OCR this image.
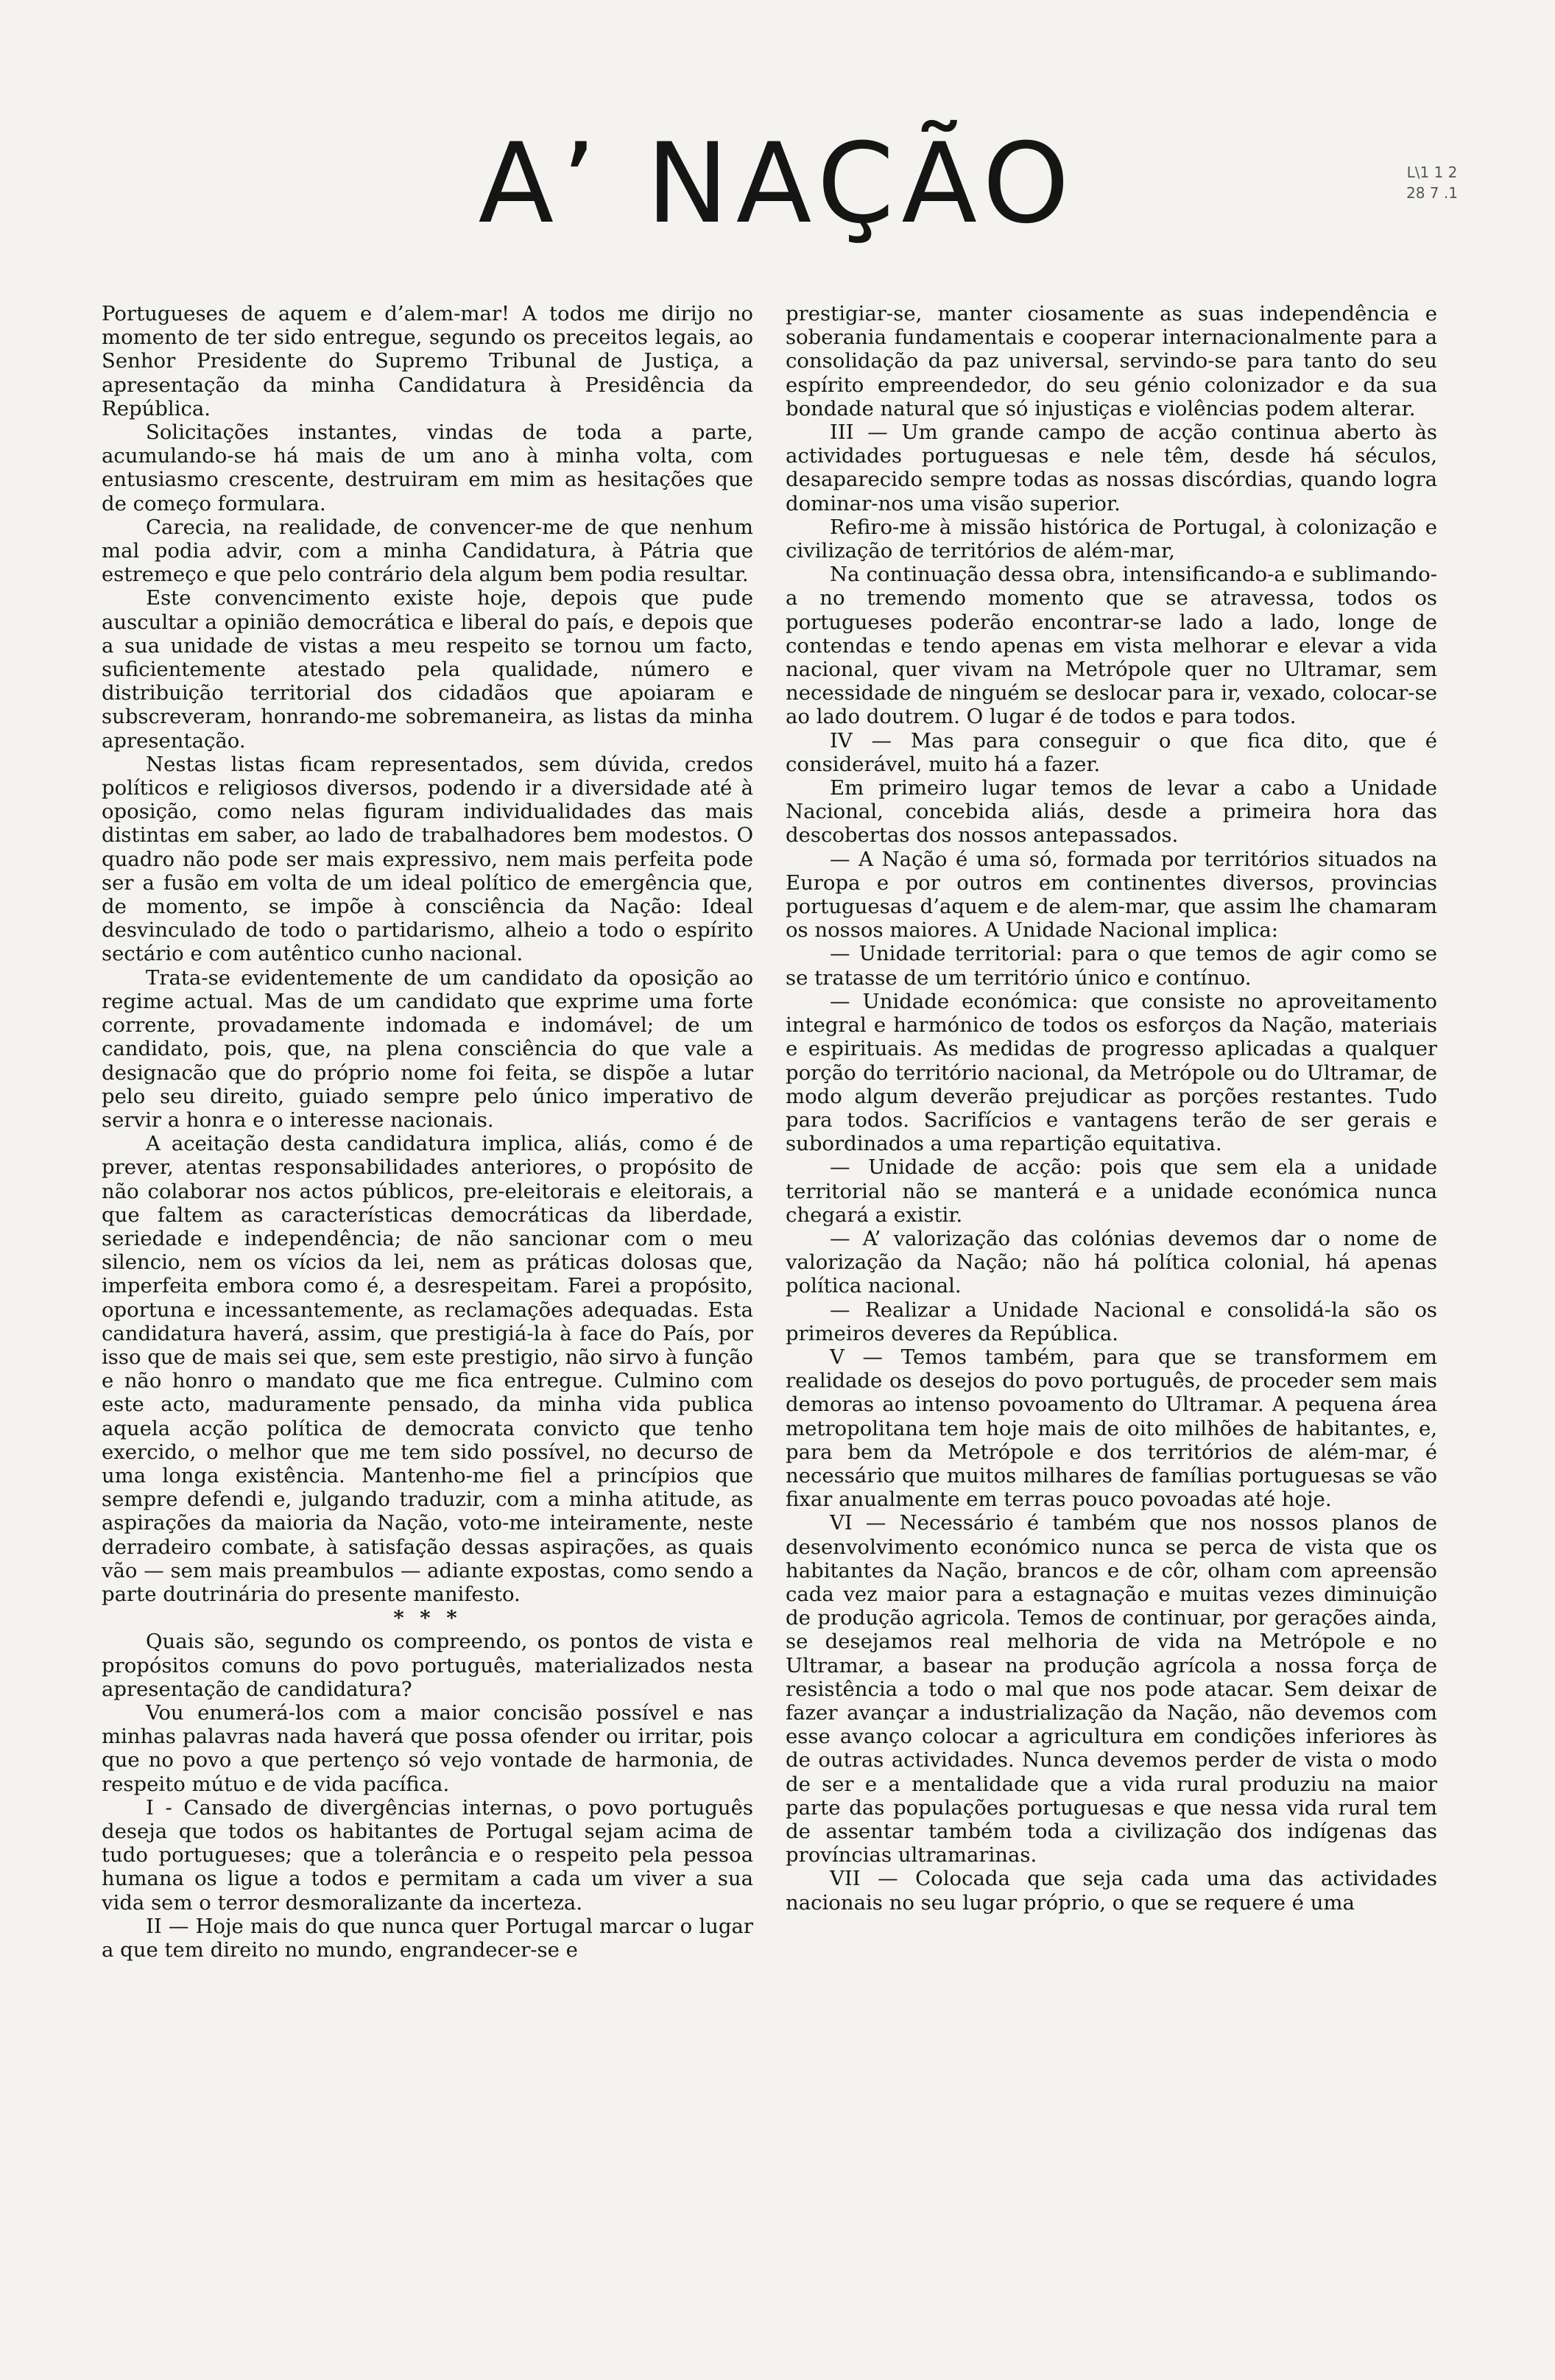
L\1 1 2 28 7 .1
A’ NAÇÃO

Portugueses de aquem e d’alem-mar! A todos me dirijo no momento de ter sido entregue, segundo os preceitos legais, ao Senhor Presidente do Supremo Tribunal de Justiça, a apresentação da minha Candidatura à Presidência da República.

Solicitações instantes, vindas de toda a parte, acumulando-se há mais de um ano à minha volta, com entusiasmo crescente, destruiram em mim as hesitações que de começo formulara.

Carecia, na realidade, de convencer-me de que nenhum mal podia advir, com a minha Candidatura, à Pátria que estremeço e que pelo contrário dela algum bem podia resultar.

Este convencimento existe hoje, depois que pude auscultar a opinião democrática e liberal do país, e depois que a sua unidade de vistas a meu respeito se tornou um facto, suficientemente atestado pela qualidade, número e distribuição territorial dos cidadãos que apoiaram e subscreveram, honrando-me sobremaneira, as listas da minha apresentação.

Nestas listas ficam representados, sem dúvida, credos políticos e religiosos diversos, podendo ir a diversidade até à oposição, como nelas figuram individualidades das mais distintas em saber, ao lado de trabalhadores bem modestos. O quadro não pode ser mais expressivo, nem mais perfeita pode ser a fusão em volta de um ideal político de emergência que, de momento, se impõe à consciência da Nação: Ideal desvinculado de todo o partidarismo, alheio a todo o espírito sectário e com autêntico cunho nacional.

Trata-se evidentemente de um candidato da oposição ao regime actual. Mas de um candidato que exprime uma forte corrente, provadamente indomada e indomável; de um candidato, pois, que, na plena consciência do que vale a designacão que do próprio nome foi feita, se dispõe a lutar pelo seu direito, guiado sempre pelo único imperativo de servir a honra e o interesse nacionais.

A aceitação desta candidatura implica, aliás, como é de prever, atentas responsabilidades anteriores, o propósito de não colaborar nos actos públicos, pre-eleitorais e eleitorais, a que faltem as características democráticas da liberdade, seriedade e independência; de não sancionar com o meu silencio, nem os vícios da lei, nem as práticas dolosas que, imperfeita embora como é, a desrespeitam. Farei a propósito, oportuna e incessantemente, as reclamações adequadas. Esta candidatura haverá, assim, que prestigiá-la à face do País, por isso que de mais sei que, sem este prestigio, não sirvo à função e não honro o mandato que me fica entregue. Culmino com este acto, maduramente pensado, da minha vida publica aquela acção política de democrata convicto que tenho exercido, o melhor que me tem sido possível, no decurso de uma longa existência. Mantenho-me fiel a princípios que sempre defendi e, julgando traduzir, com a minha atitude, as aspirações da maioria da Nação, voto-me inteiramente, neste derradeiro combate, à satisfação dessas aspirações, as quais vão — sem mais preambulos — adiante expostas, como sendo a parte doutrinária do presente manifesto.

* * *

Quais são, segundo os compreendo, os pontos de vista e propósitos comuns do povo português, materializados nesta apresentação de candidatura?

Vou enumerá-los com a maior concisão possível e nas minhas palavras nada haverá que possa ofender ou irritar, pois que no povo a que pertenço só vejo vontade de harmonia, de respeito mútuo e de vida pacífica.

I - Cansado de divergências internas, o povo português deseja que todos os habitantes de Portugal sejam acima de tudo portugueses; que a tolerância e o respeito pela pessoa humana os ligue a todos e permitam a cada um viver a sua vida sem o terror desmoralizante da incerteza.

II — Hoje mais do que nunca quer Portugal marcar o lugar a que tem direito no mundo, engrandecer-se e

prestigiar-se, manter ciosamente as suas independência e soberania fundamentais e cooperar internacionalmente para a consolidação da paz universal, servindo-se para tanto do seu espírito empreendedor, do seu génio colonizador e da sua bondade natural que só injustiças e violências podem alterar.

III — Um grande campo de acção continua aberto às actividades portuguesas e nele têm, desde há séculos, desaparecido sempre todas as nossas discórdias, quando logra dominar-nos uma visão superior.

Refiro-me à missão histórica de Portugal, à colonização e civilização de territórios de além-mar,

Na continuação dessa obra, intensificando-a e sublimando-a no tremendo momento que se atravessa, todos os portugueses poderão encontrar-se lado a lado, longe de contendas e tendo apenas em vista melhorar e elevar a vida nacional, quer vivam na Metrópole quer no Ultramar, sem necessidade de ninguém se deslocar para ir, vexado, colocar-se ao lado doutrem. O lugar é de todos e para todos.

IV — Mas para conseguir o que fica dito, que é considerável, muito há a fazer.

Em primeiro lugar temos de levar a cabo a Unidade Nacional, concebida aliás, desde a primeira hora das descobertas dos nossos antepassados.

— A Nação é uma só, formada por territórios situados na Europa e por outros em continentes diversos, provincias portuguesas d’aquem e de alem-mar, que assim lhe chamaram os nossos maiores. A Unidade Nacional implica:

— Unidade territorial: para o que temos de agir como se se tratasse de um território único e contínuo.

— Unidade económica: que consiste no aproveitamento integral e harmónico de todos os esforços da Nação, materiais e espirituais. As medidas de progresso aplicadas a qualquer porção do território nacional, da Metrópole ou do Ultramar, de modo algum deverão prejudicar as porções restantes. Tudo para todos. Sacrifícios e vantagens terão de ser gerais e subordinados a uma repartição equitativa.

— Unidade de acção: pois que sem ela a unidade territorial não se manterá e a unidade económica nunca chegará a existir.

— A’ valorização das colónias devemos dar o nome de valorização da Nação; não há política colonial, há apenas política nacional.

— Realizar a Unidade Nacional e consolidá-la são os primeiros deveres da República.

V — Temos também, para que se transformem em realidade os desejos do povo português, de proceder sem mais demoras ao intenso povoamento do Ultramar. A pequena área metropolitana tem hoje mais de oito milhões de habitantes, e, para bem da Metrópole e dos territórios de além-mar, é necessário que muitos milhares de famílias portuguesas se vão fixar anualmente em terras pouco povoadas até hoje.

VI — Necessário é também que nos nossos planos de desenvolvimento económico nunca se perca de vista que os habitantes da Nação, brancos e de côr, olham com apreensão cada vez maior para a estagnação e muitas vezes diminuição de produção agricola. Temos de continuar, por gerações ainda, se desejamos real melhoria de vida na Metrópole e no Ultramar, a basear na produção agrícola a nossa força de resistência a todo o mal que nos pode atacar. Sem deixar de fazer avançar a industrialização da Nação, não devemos com esse avanço colocar a agricultura em condições inferiores às de outras actividades. Nunca devemos perder de vista o modo de ser e a mentalidade que a vida rural produziu na maior parte das populações portuguesas e que nessa vida rural tem de assentar também toda a civilização dos indígenas das províncias ultramarinas.

VII — Colocada que seja cada uma das actividades nacionais no seu lugar próprio, o que se requere é uma
